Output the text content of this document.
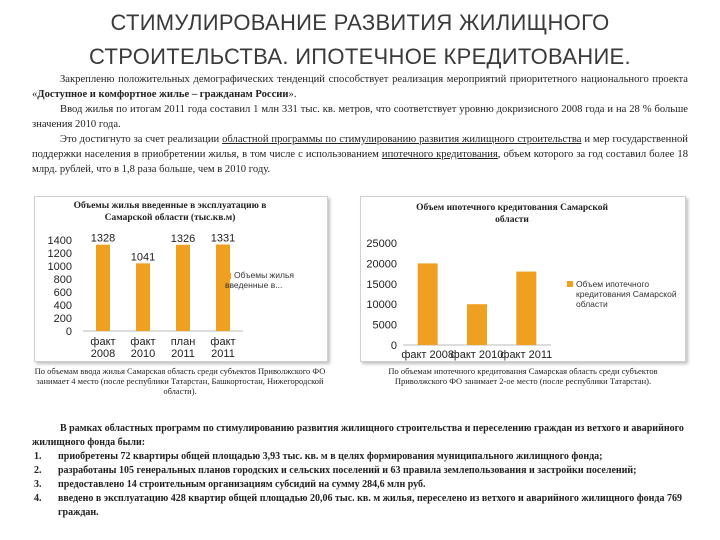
СТИМУЛИРОВАНИЕ РАЗВИТИЯ ЖИЛИЩНОГО
СТРОИТЕЛЬСТВА. ИПОТЕЧНОЕ КРЕДИТОВАНИЕ.

Закрепленю положительных демографических тенденций способствует реализация мероприятий приоритетного национального проекта «Доступное и комфортное жилье – гражданам России».

Ввод жилья по итогам 2011 года составил 1 млн 331 тыс. кв. метров, что соответствует уровню докризисного 2008 года и на 28 % больше значения 2010 года.

Это достигнуто за счет реализации областной программы по стимулированию развития жилищного строительства и мер государственной поддержки населения в приобретении жилья, в том числе с использованием ипотечного кредитования, объем которого за год составил более 18 млрд. рублей, что в 1,8 раза больше, чем в 2010 году.

Объемы жилья введенные в эксплуатацию в Самарской области (тыс.кв.м)
1400
1200
1000
800
600
400
200
0
1328
факт
2008
1041
факт
2010
1326
план
2011
1331
факт
2011
Объемы жилья введенные в...
Объем ипотечного кредитования Самарской области
25000
20000
15000
10000
5000
0
факт 2008
факт 2010
факт 2011
Объем ипотечного кредитования Самарской области
По объемам ввода жилья Самарская область среди субъектов Приволжского ФО занимает 4 место (после республики Татарстан, Башкортостан, Нижегородской области).
По объемам ипотечного кредитования Самарская область среди субъектов Приволжского ФО занимает 2-ое место (после республики Татарстан).

В рамках областных программ по стимулированию развития жилищного строительства и переселению граждан из ветхого и аварийного жилищного фонда были:

1. приобретены 72 квартиры общей площадью 3,93 тыс. кв. м в целях формирования муниципального жилищного фонда;
2. разработаны 105 генеральных планов городских и сельских поселений и 63 правила землепользования и застройки поселений;
3. предоставлено 14 строительным организациям субсидий на сумму 284,6 млн руб.
4. введено в эксплуатацию 428 квартир общей площадью 20,06 тыс. кв. м жилья, переселено из ветхого и аварийного жилищного фонда 769 граждан.
